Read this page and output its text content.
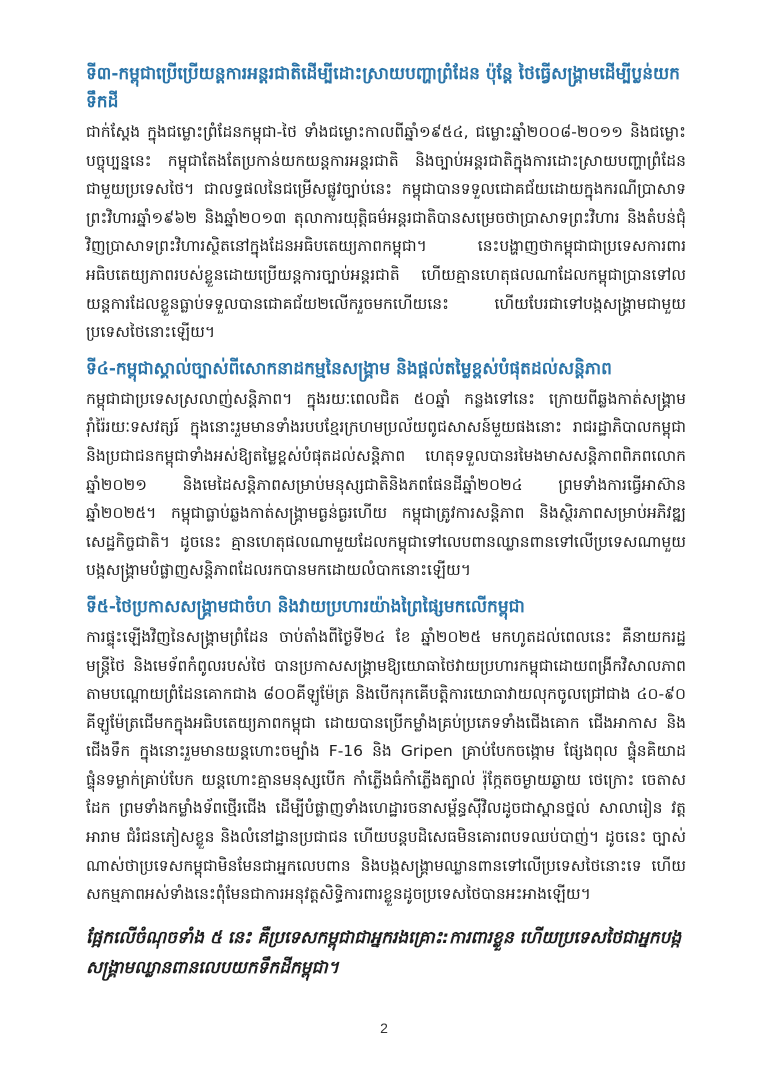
ទី៣-កម្ពុជាប្រើប្រើយន្តការអន្តរជាតិដើម្បីដោះស្រាយបញ្ហាព្រំដែន ប៉ុន្តែ ថៃធ្វើសង្គ្រាមដើម្បីប្លន់យកទឹកដី

ជាក់ស្តែង ក្នុងជម្លោះព្រំដែនកម្ពុជា-ថៃ ទាំងជម្លោះកាលពីឆ្នាំ១៩៥៤, ជម្លោះឆ្នាំ២០០៨-២០១១ និងជម្លោះបច្ចុប្បន្ននេះ កម្ពុជាតែងតែប្រកាន់យកយន្តការអន្តរជាតិ និងច្បាប់អន្តរជាតិក្នុងការដោះស្រាយបញ្ហាព្រំដែនជាមួយប្រទេសថៃ។ ជាលទ្ធផលនៃជម្រើសផ្លូវច្បាប់នេះ កម្ពុជាបានទទួលជោគជ័យដោយក្នុងករណីប្រាសាទព្រះវិហារឆ្នាំ១៩៦២ និងឆ្នាំ២០១៣ តុលាការយុត្តិធម៌អន្តរជាតិបានសម្រេចថាប្រាសាទព្រះវិហារ និងតំបន់ជុំវិញប្រាសាទព្រះវិហារស្ថិតនៅក្នុងដែនអធិបតេយ្យភាពកម្ពុជា។ នេះបង្ហាញថាកម្ពុជាជាប្រទេសការពារអធិបតេយ្យភាពរបស់ខ្លួនដោយប្រើយន្តការច្បាប់អន្តរជាតិ ហើយគ្មានហេតុផលណាដែលកម្ពុជាប្រានទៅលយន្តការដែលខ្លួនធ្លាប់ទទួលបានជោគជ័យ២លើករួចមកហើយនេះ ហើយបែរជាទៅបង្កសង្គ្រាមជាមួយប្រទេសថៃនោះឡើយ។

ទី៤-កម្ពុជាស្គាល់ច្បាស់ពីសោកនាដកម្មនៃសង្គ្រាម និងផ្តល់តម្លៃខ្ពស់បំផុតដល់សន្តិភាព

កម្ពុជាជាប្រទេសស្រលាញ់សន្តិភាព។ ក្នុងរយៈពេលជិត ៥០ឆ្នាំ កន្លងទៅនេះ ក្រោយពីឆ្លងកាត់សង្គ្រាមរ៉ាំរ៉ៃរយៈទសវត្សរ៍ ក្នុងនោះរួមមានទាំងរបបខ្មែរក្រហមប្រល័យពូជសាសន៍មួយផងនោះ រាជរដ្ឋាភិបាលកម្ពុជា និងប្រជាជនកម្ពុជាទាំងអស់ឱ្យតម្លៃខ្ពស់បំផុតដល់សន្តិភាព ហេតុទទួលបានរមៃងមាសសន្តិភាពពិភពលោកឆ្នាំ២០២១ និងមេដៃសន្តិភាពសម្រាប់មនុស្សជាតិនិងភពផែនដីឆ្នាំ២០២៤ ព្រមទាំងការធ្វើអាស៊ានឆ្នាំ២០២៥។ កម្ពុជាធ្លាប់ឆ្លងកាត់សង្គ្រាមធ្ងន់ធ្ងរហើយ កម្ពុជាត្រូវការសន្តិភាព និងស្ថិរភាពសម្រាប់អភិវឌ្ឍសេដ្ឋកិច្ចជាតិ។ ដូចនេះ គ្មានហេតុផលណាមួយដែលកម្ពុជាទៅលេបពានឈ្លានពានទៅលើប្រទេសណាមួយ បង្កសង្គ្រាមបំផ្លាញសន្តិភាពដែលរកបានមកដោយលំបាកនោះឡើយ។

ទី៥-ថៃប្រកាសសង្គ្រាមជាចំហ និងវាយប្រហារយ៉ាងព្រៃផ្សៃមកលើកម្ពុជា

ការផ្ទុះឡើងវិញនៃសង្គ្រាមព្រំដែន ចាប់តាំងពីថ្ងៃទី២៤ ខែ ឆ្នាំ២០២៥ មកហូតដល់ពេលនេះ គឺនាយករដ្ឋមន្ត្រីថៃ និងមេទ័ពកំពូលរបស់ថៃ បានប្រកាសសង្គ្រាមឱ្យយោធាថៃវាយប្រហារកម្ពុជាដោយពង្រីកវិសាលភាពតាមបណ្តោយព្រំដែនគោកជាង ៨០០គីឡូម៉ែត្រ និងបើករុកគើបត្តិការយោធាវាយលុកចូលជ្រៅជាង ៤០-៩០ គីឡូម៉ែត្រជើមកក្នុងអធិបតេយ្យភាពកម្ពុជា ដោយបានប្រើកម្លាំងគ្រប់ប្រភេទទាំងជើងគោក ជើងអាកាស និងជើងទឹក ក្នុងនោះរួមមានយន្តហោះចម្បាំង F-16 និង Gripen គ្រាប់បែកចង្កោម ផ្សែងពុល ផ្ទុំនគិយាដ ផ្ទុំនទម្លាក់គ្រាប់បែក យន្តហោះគ្មានមនុស្សបើក កាំភ្លើងធំកាំភ្លើងត្បាល់ រ៉ុក្កែតចម្ងាយឆ្ងាយ ថេក្រោះ ចេតាសដែក ព្រមទាំងកម្លាំងទ័ពថ្មើរជើង ដើម្បីបំផ្លាញទាំងហេដ្ឋារចនាសម្ព័ន្ធស៊ីវិលដូចជាស្ពានថ្នល់ សាលារៀន វត្តអារាម ជំរំជនភៀសខ្លួន និងលំនៅដ្ឋានប្រជាជន ហើយបន្តបដិសេធមិនគោរពបទឈប់បាញ់។ ដូចនេះ ច្បាស់ណាស់ថាប្រទេសកម្ពុជាមិនមែនជាអ្នកលេបពាន និងបង្កសង្គ្រាមឈ្លានពានទៅលើប្រទេសថៃនោះទេ ហើយសកម្មភាពអស់ទាំងនេះពុំមែនជាការអនុវត្តសិទ្ធិការពារខ្លួនដូចប្រទេសថៃបានអះអាងឡើយ។

ផ្អែកលើចំណុចទាំង ៥ នេះ គឺប្រទេសកម្ពុជាជាអ្នករងគ្រោះ:ការពារខ្លួន ហើយប្រទេសថៃជាអ្នកបង្កសង្គ្រាមឈ្លានពានលេបយកទឹកដីកម្ពុជា។

2
